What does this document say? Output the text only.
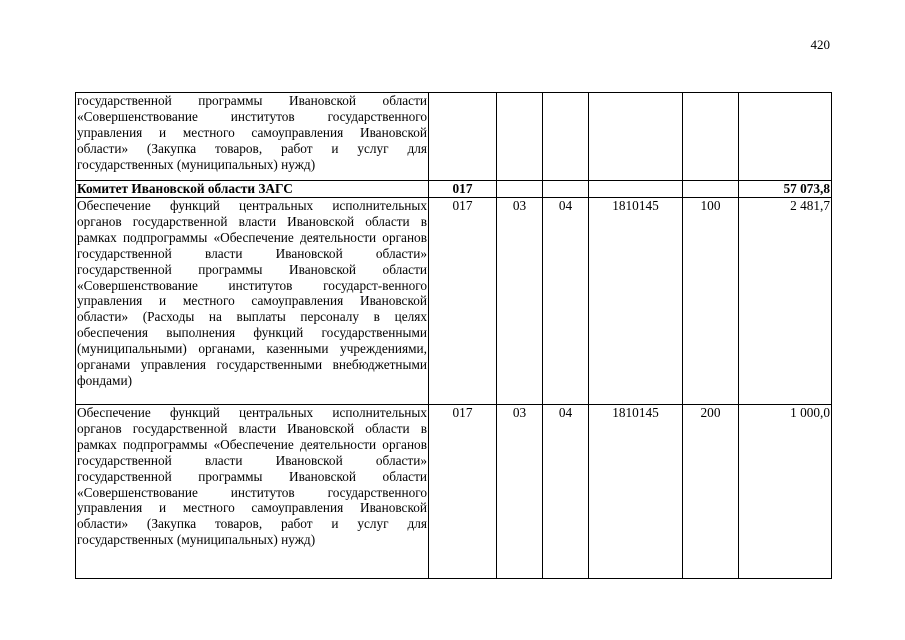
420
государственной программы Ивановской области «Совершенствование институтов государственного управления и местного самоуправления Ивановской области» (Закупка товаров, работ и услуг для государственных (муниципальных) нужд)						
Комитет Ивановской области ЗАГС	017					57 073,8
Обеспечение функций центральных исполнительных органов государственной власти Ивановской области в рамках подпрограммы «Обеспечение деятельности органов государственной власти Ивановской области» государственной программы Ивановской области «Совершенствование институтов государст-венного управления и местного самоуправления Ивановской области» (Расходы на выплаты персоналу в целях обеспечения выполнения функций государственными (муниципальными) органами, казенными учреждениями, органами управления государственными внебюджетными фондами)	017	03	04	1810145	100	2 481,7
Обеспечение функций центральных исполнительных органов государственной власти Ивановской области в рамках подпрограммы «Обеспечение деятельности органов государственной власти Ивановской области» государственной программы Ивановской области «Совершенствование институтов государственного управления и местного самоуправления Ивановской области» (Закупка товаров, работ и услуг для государственных (муниципальных) нужд)	017	03	04	1810145	200	1 000,0
